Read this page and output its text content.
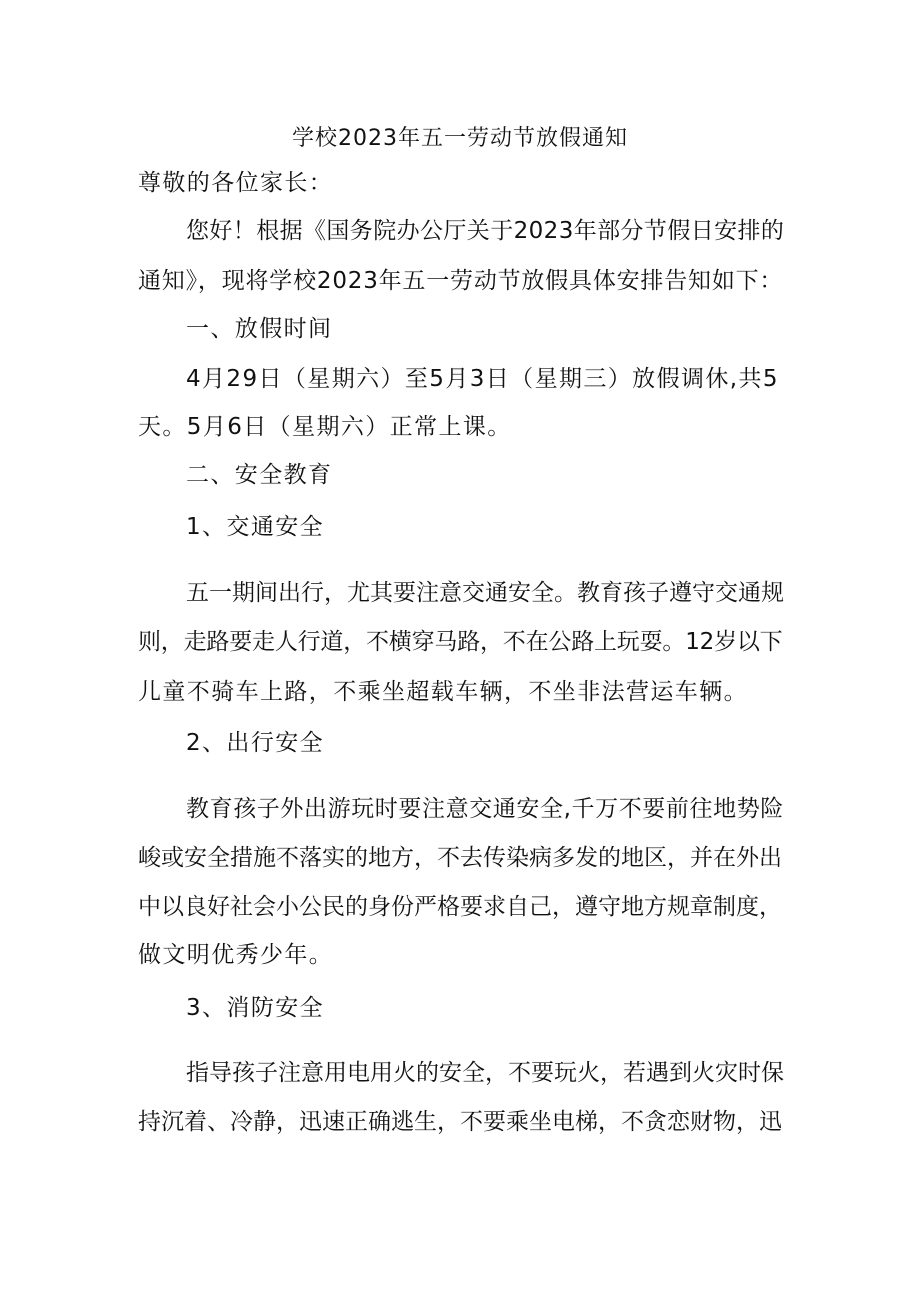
学校2023年五一劳动节放假通知
尊敬的各位家长：
您好！根据《国务院办公厅关于2023年部分节假日安排的
通知》，现将学校2023年五一劳动节放假具体安排告知如下：
一、放假时间
4月29日（星期六）至5月3日（星期三）放假调休,共5
天。5月6日（星期六）正常上课。
二、安全教育
1、交通安全
五一期间出行，尤其要注意交通安全。教育孩子遵守交通规
则，走路要走人行道，不横穿马路，不在公路上玩耍。12岁以下
儿童不骑车上路，不乘坐超载车辆，不坐非法营运车辆。
2、出行安全
教育孩子外出游玩时要注意交通安全,千万不要前往地势险
峻或安全措施不落实的地方，不去传染病多发的地区，并在外出
中以良好社会小公民的身份严格要求自己，遵守地方规章制度，
做文明优秀少年。
3、消防安全
指导孩子注意用电用火的安全，不要玩火，若遇到火灾时保
持沉着、冷静，迅速正确逃生，不要乘坐电梯，不贪恋财物，迅
